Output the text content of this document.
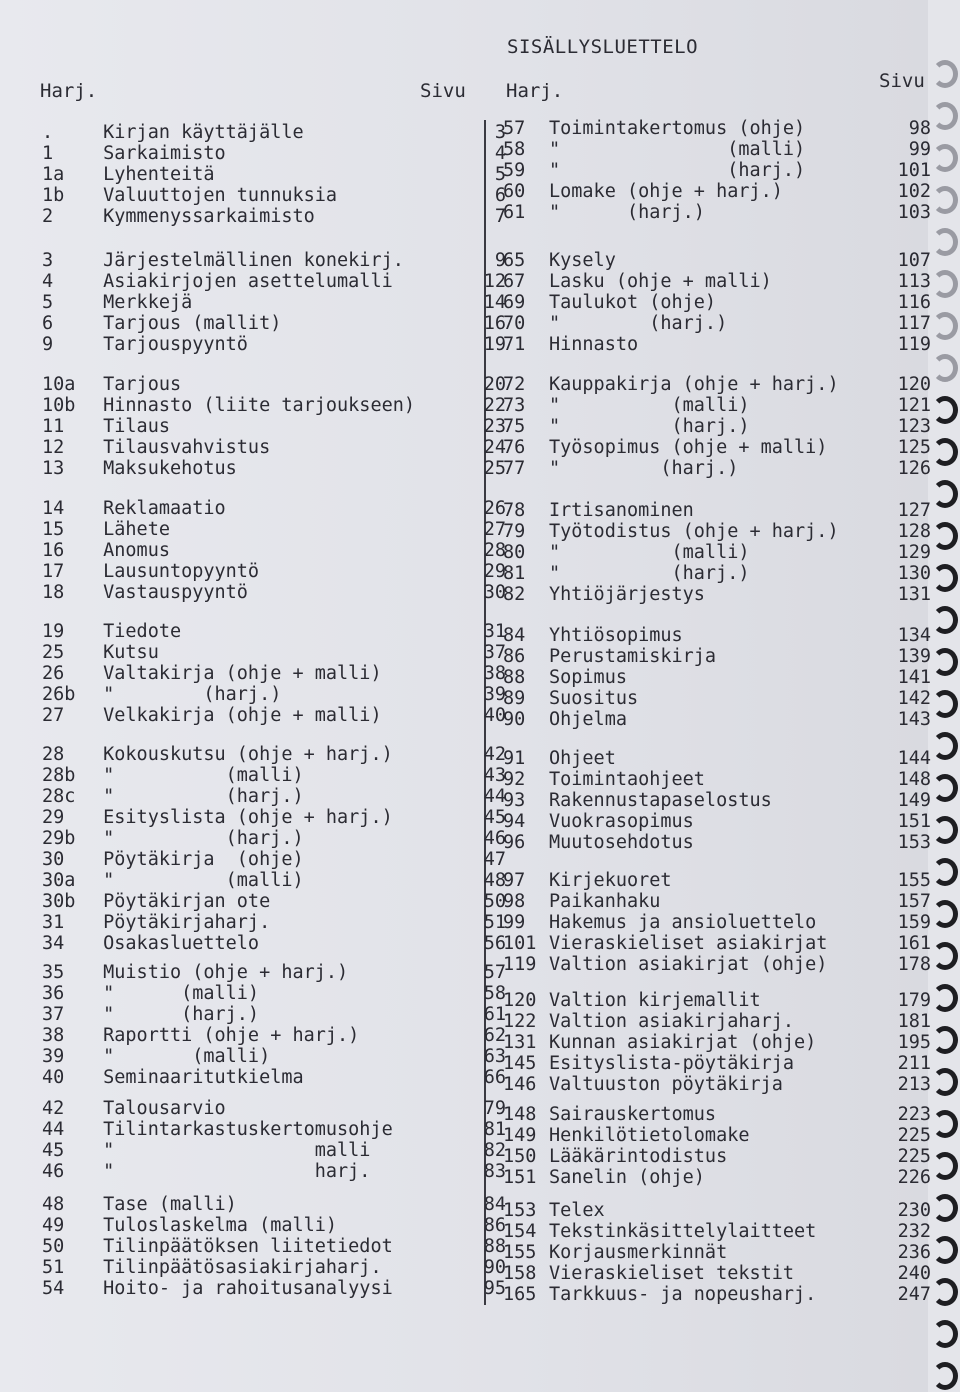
SISÄLLYSLUETTELO
Harj.	Sivu Harj.	Sivu
. Kirjan käyttäjälle	3
1 Sarkaimisto	4
1a Lyhenteitä	5
1b Valuuttojen tunnuksia	6
2 Kymmenyssarkaimisto	7
3 Järjestelmällinen konekirj.	9
4 Asiakirjojen asettelumalli	12
5 Merkkejä	14
6 Tarjous (mallit)	16
9 Tarjouspyyntö	19
10a Tarjous	20
10b Hinnasto (liite tarjoukseen)	22
11 Tilaus	23
12 Tilausvahvistus	24
13 Maksukehotus	25
14 Reklamaatio	26
15 Lähete	27
16 Anomus	28
17 Lausuntopyyntö	29
18 Vastauspyyntö	30
19 Tiedote	31
25 Kutsu	37
26 Valtakirja (ohje + malli)	38
26b "        (harj.)	39
27 Velkakirja (ohje + malli)	40
28 Kokouskutsu (ohje + harj.)	42
28b "          (malli)	43
28c "          (harj.)	44
29 Esityslista (ohje + harj.)	45
29b "          (harj.)	46
30 Pöytäkirja  (ohje)	47
30a "          (malli)	48
30b Pöytäkirjan ote	50
31 Pöytäkirjaharj.	51
34 Osakasluettelo	56
35 Muistio (ohje + harj.)	57
36 "      (malli)	58
37 "      (harj.)	61
38 Raportti (ohje + harj.)	62
39 "       (malli)	63
40 Seminaaritutkielma	66
42 Talousarvio	79
44 Tilintarkastuskertomusohje	81
45 "                  malli	82
46 "                  harj.	83
48 Tase (malli)	84
49 Tuloslaskelma (malli)	86
50 Tilinpäätöksen liitetiedot	88
51 Tilinpäätösasiakirjaharj.	90
54 Hoito- ja rahoitusanalyysi	95
57 Toimintakertomus (ohje)	98
58 "               (malli)	99
59 "               (harj.)	101
60 Lomake (ohje + harj.)	102
61 "      (harj.)	103
65 Kysely	107
67 Lasku (ohje + malli)	113
69 Taulukot (ohje)	116
70 "        (harj.)	117
71 Hinnasto	119
72 Kauppakirja (ohje + harj.)	120
73 "          (malli)	121
75 "          (harj.)	123
76 Työsopimus (ohje + malli)	125
77 "         (harj.)	126
78 Irtisanominen	127
79 Työtodistus (ohje + harj.)	128
80 "          (malli)	129
81 "          (harj.)	130
82 Yhtiöjärjestys	131
84 Yhtiösopimus	134
86 Perustamiskirja	139
88 Sopimus	141
89 Suositus	142
90 Ohjelma	143
91 Ohjeet	144
92 Toimintaohjeet	148
93 Rakennustapaselostus	149
94 Vuokrasopimus	151
96 Muutosehdotus	153
97 Kirjekuoret	155
98 Paikanhaku	157
99 Hakemus ja ansioluettelo	159
101 Vieraskieliset asiakirjat	161
119 Valtion asiakirjat (ohje)	178
120 Valtion kirjemallit	179
122 Valtion asiakirjaharj.	181
131 Kunnan asiakirjat (ohje)	195
145 Esityslista-pöytäkirja	211
146 Valtuuston pöytäkirja	213
148 Sairauskertomus	223
149 Henkilötietolomake	225
150 Lääkärintodistus	225
151 Sanelin (ohje)	226
153 Telex	230
154 Tekstinkäsittelylaitteet	232
155 Korjausmerkinnät	236
158 Vieraskieliset tekstit	240
165 Tarkkuus- ja nopeusharj.	247
